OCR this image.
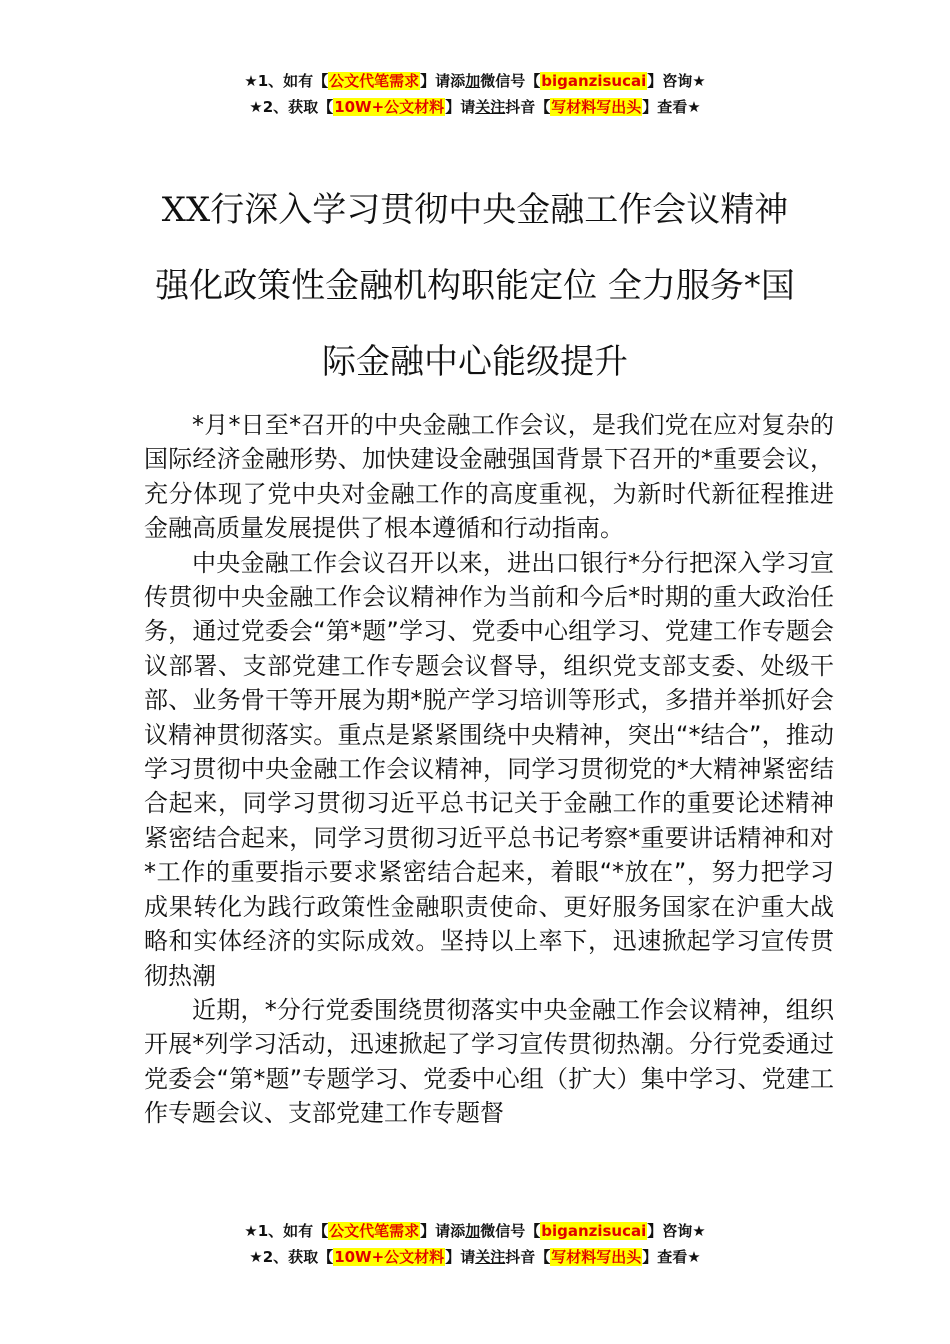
★1、如有【公文代笔需求】请添加微信号【biganzisucai】咨询★
★2、获取【10W+公文材料】请关注抖音【写材料写出头】查看★
XX行深入学习贯彻中央金融工作会议精神
强化政策性金融机构职能定位 全力服务*国
际金融中心能级提升

*月*日至*召开的中央金融工作会议，是我们党在应对复杂的国际经济金融形势、加快建设金融强国背景下召开的*重要会议，充分体现了党中央对金融工作的高度重视，为新时代新征程推进金融高质量发展提供了根本遵循和行动指南。

中央金融工作会议召开以来，进出口银行*分行把深入学习宣传贯彻中央金融工作会议精神作为当前和今后*时期的重大政治任务，通过党委会“第*题”学习、党委中心组学习、党建工作专题会议部署、支部党建工作专题会议督导，组织党支部支委、处级干部、业务骨干等开展为期*脱产学习培训等形式，多措并举抓好会议精神贯彻落实。重点是紧紧围绕中央精神，突出“*结合”，推动学习贯彻中央金融工作会议精神，同学习贯彻党的*大精神紧密结合起来，同学习贯彻习近平总书记关于金融工作的重要论述精神紧密结合起来，同学习贯彻习近平总书记考察*重要讲话精神和对*工作的重要指示要求紧密结合起来，着眼“*放在”，努力把学习成果转化为践行政策性金融职责使命、更好服务国家在沪重大战略和实体经济的实际成效。坚持以上率下，迅速掀起学习宣传贯彻热潮

近期，*分行党委围绕贯彻落实中央金融工作会议精神，组织开展*列学习活动，迅速掀起了学习宣传贯彻热潮。分行党委通过党委会“第*题”专题学习、党委中心组（扩大）集中学习、党建工作专题会议、支部党建工作专题督

★1、如有【公文代笔需求】请添加微信号【biganzisucai】咨询★
★2、获取【10W+公文材料】请关注抖音【写材料写出头】查看★
